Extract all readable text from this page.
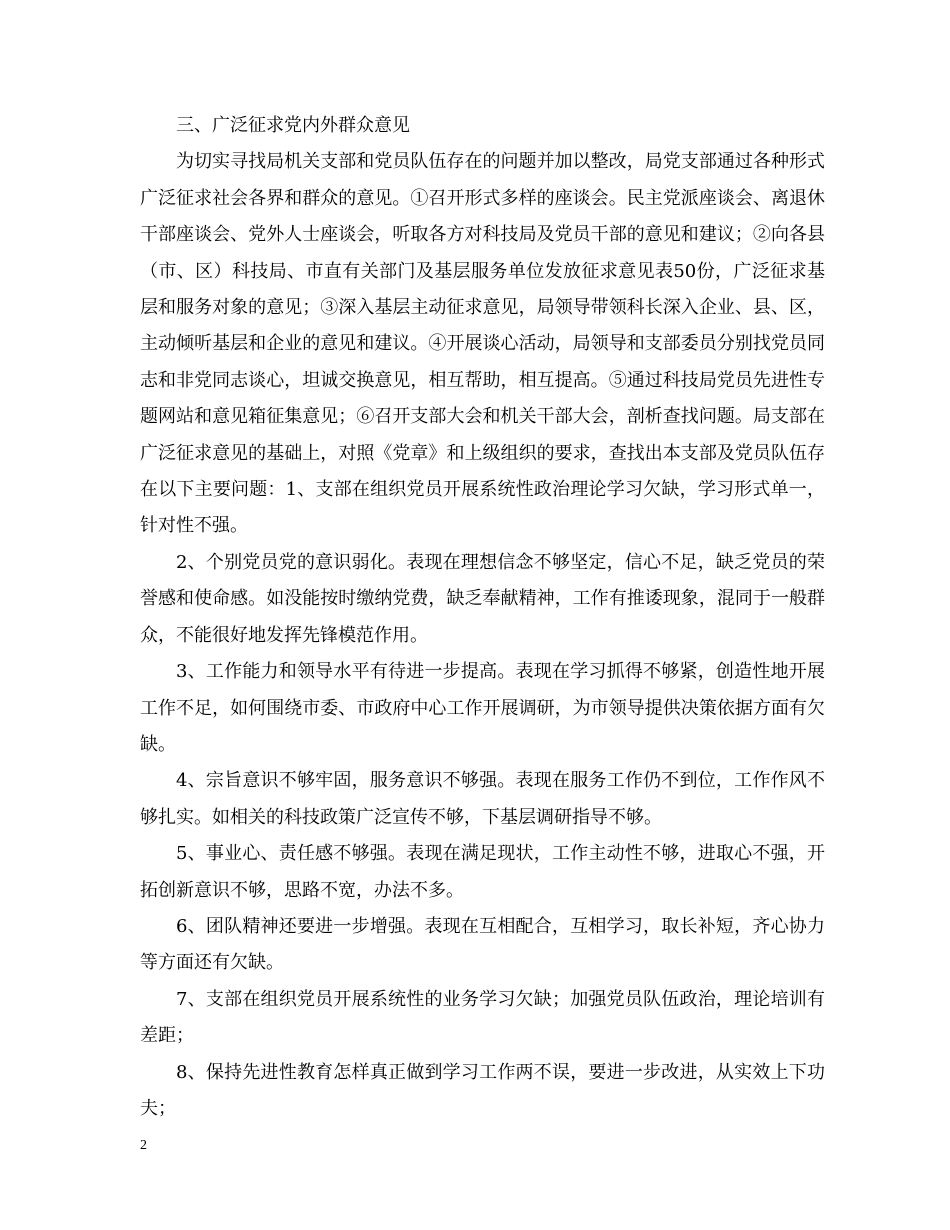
三、广泛征求党内外群众意见

为切实寻找局机关支部和党员队伍存在的问题并加以整改，局党支部通过各种形式广泛征求社会各界和群众的意见。①召开形式多样的座谈会。民主党派座谈会、离退休干部座谈会、党外人士座谈会，听取各方对科技局及党员干部的意见和建议；②向各县（市、区）科技局、市直有关部门及基层服务单位发放征求意见表50份，广泛征求基层和服务对象的意见；③深入基层主动征求意见，局领导带领科长深入企业、县、区，主动倾听基层和企业的意见和建议。④开展谈心活动，局领导和支部委员分别找党员同志和非党同志谈心，坦诚交换意见，相互帮助，相互提高。⑤通过科技局党员先进性专题网站和意见箱征集意见；⑥召开支部大会和机关干部大会，剖析查找问题。局支部在广泛征求意见的基础上，对照《党章》和上级组织的要求，查找出本支部及党员队伍存在以下主要问题：1、支部在组织党员开展系统性政治理论学习欠缺，学习形式单一，针对性不强。

2、个别党员党的意识弱化。表现在理想信念不够坚定，信心不足，缺乏党员的荣誉感和使命感。如没能按时缴纳党费，缺乏奉献精神，工作有推诿现象，混同于一般群众，不能很好地发挥先锋模范作用。

3、工作能力和领导水平有待进一步提高。表现在学习抓得不够紧，创造性地开展工作不足，如何围绕市委、市政府中心工作开展调研，为市领导提供决策依据方面有欠缺。

4、宗旨意识不够牢固，服务意识不够强。表现在服务工作仍不到位，工作作风不够扎实。如相关的科技政策广泛宣传不够，下基层调研指导不够。

5、事业心、责任感不够强。表现在满足现状，工作主动性不够，进取心不强，开拓创新意识不够，思路不宽，办法不多。

6、团队精神还要进一步增强。表现在互相配合，互相学习，取长补短，齐心协力等方面还有欠缺。

7、支部在组织党员开展系统性的业务学习欠缺；加强党员队伍政治，理论培训有差距；

8、保持先进性教育怎样真正做到学习工作两不误，要进一步改进，从实效上下功夫；

2
